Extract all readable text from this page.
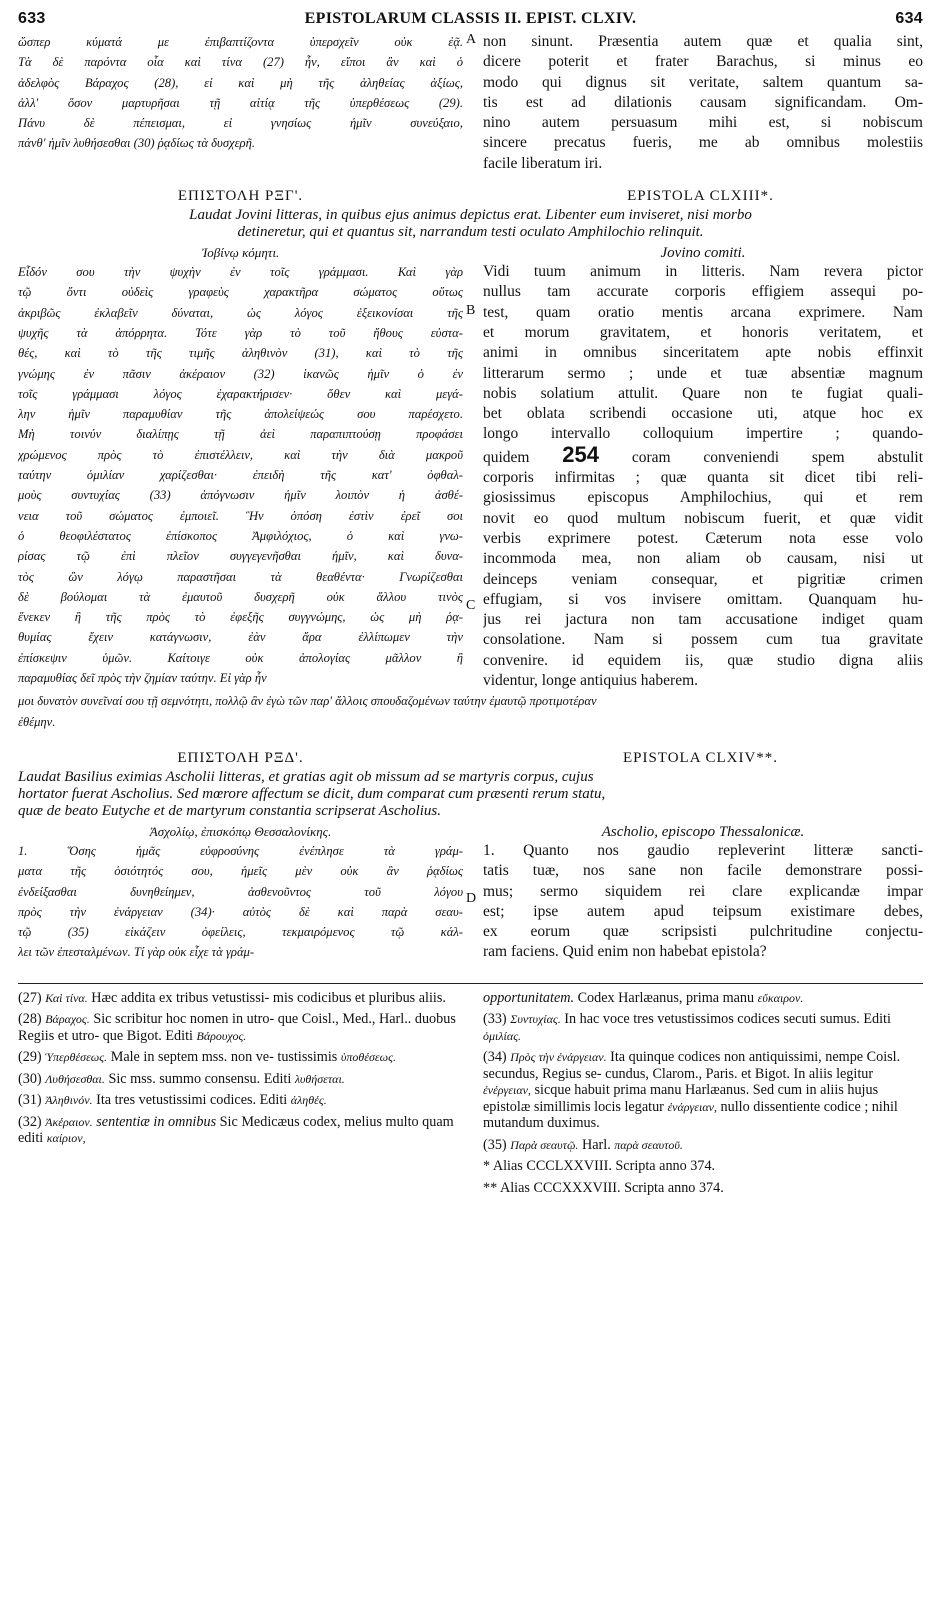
633	EPISTOLARUM CLASSIS II. EPIST. CLXIV.	634
ὥσπερ κύματά με ἐπιβαπτίζοντα ὑπερσχεῖν οὐκ ἐᾷ.
Τὰ δὲ παρόντα οἷα καὶ τίνα (27) ἦν, εἴποι ἂν καὶ ὁ
ἀδελφὸς Βάραχος (28), εἰ καὶ μὴ τῆς ἀληθείας ἀξίως,
ἀλλ' ὅσον μαρτυρῆσαι τῇ αἰτίᾳ τῆς ὑπερθέσεως (29).
Πάνυ δὲ πέπεισμαι, εἰ γνησίως ἡμῖν συνεύξαιο,
πάνθ' ἡμῖν λυθήσεσθαι (30) ῥᾳδίως τὰ δυσχερῆ.
A non sinunt. Præsentia autem quæ et qualia sint,
dicere poterit et frater Barachus, si minus eo
modo qui dignus sit veritate, saltem quantum sa-
tis est ad dilationis causam significandam. Om-
nino autem persuasum mihi est, si nobiscum
sincere precatus fueris, me ab omnibus molestiis
facile liberatum iri.
ΕΠΙΣΤΟΛΗ ΡΞΓ'.	EPISTOLA CLXIII*.
Laudat Jovini litteras, in quibus ejus animus depictus erat. Libenter eum inviseret, nisi morbo
detineretur, qui et quantus sit, narrandum testi oculato Amphilochio relinquit.
Ἰοβίνῳ κόμητι.	Jovino comiti.
Εἶδόν σου τὴν ψυχὴν ἐν τοῖς γράμμασι. Καὶ γὰρ
τῷ ὄντι οὐδεὶς γραφεὺς χαρακτῆρα σώματος οὕτως
ἀκριβῶς ἐκλαβεῖν δύναται, ὡς λόγος ἐξεικονίσαι τῆς
ψυχῆς τὰ ἀπόρρητα. Τότε γὰρ τὸ τοῦ ἤθους εὐστα-
θές, καὶ τὸ τῆς τιμῆς ἀληθινὸν (31), καὶ τὸ τῆς
γνώμης ἐν πᾶσιν ἀκέραιον (32) ἱκανῶς ἡμῖν ὁ ἐν
τοῖς γράμμασι λόγος ἐχαρακτήρισεν· ὅθεν καὶ μεγά-
λην ἡμῖν παραμυθίαν τῆς ἀπολείψεώς σου παρέσχετο.
Μὴ τοινύν διαλίπῃς τῇ ἀεὶ παραπιπτούσῃ προφάσει
χρώμενος πρὸς τὸ ἐπιστέλλειν, καὶ τὴν διὰ μακροῦ
ταύτην ὁμιλίαν χαρίζεσθαι· ἐπειδὴ τῆς κατ' ὀφθαλ-
μοὺς συντυχίας (33) ἀπόγνωσιν ἡμῖν λοιπὸν ἡ ἀσθέ-
νεια τοῦ σώματος ἐμποιεῖ. Ἣν ὁπόση ἐστὶν ἐρεῖ σοι
ὁ θεοφιλέστατος ἐπίσκοπος Ἀμφιλόχιος, ὁ καὶ γνω-
ρίσας τῷ ἐπὶ πλεῖον συγγεγενῆσθαι ἡμῖν, καὶ δυνα-
τὸς ὢν λόγῳ παραστῆσαι τὰ θεαθέντα· Γνωρίζεσθαι
δὲ βούλομαι τὰ ἐμαυτοῦ δυσχερῆ οὐκ ἄλλου τινὸς
ἕνεκεν ἢ τῆς πρὸς τὸ ἐφεξῆς συγγνώμης, ὡς μὴ ῥᾳ-
θυμίας ἔχειν κατάγνωσιν, ἐὰν ἄρα ἐλλίπωμεν τὴν
ἐπίσκεψιν ὑμῶν. Καίτοιγε οὐκ ἀπολογίας μᾶλλον ἢ
παραμυθίας δεῖ πρὸς τὴν ζημίαν ταύτην. Εἰ γὰρ ἦν
B
C
Vidi tuum animum in litteris. Nam revera pictor
nullus tam accurate corporis effigiem assequi po-
test, quam oratio mentis arcana exprimere. Nam
et morum gravitatem, et honoris veritatem, et
animi in omnibus sinceritatem apte nobis effinxit
litterarum sermo ; unde et tuæ absentiæ magnum
nobis solatium attulit. Quare non te fugiat quali-
bet oblata scribendi occasione uti, atque hoc ex
longo intervallo colloquium impertire ; quando-
quidem 254 coram conveniendi spem abstulit
corporis infirmitas ; quæ quanta sit dicet tibi reli-
giosissimus episcopus Amphilochius, qui et rem
novit eo quod multum nobiscum fuerit, et quæ vidit
verbis exprimere potest. Cæterum nota esse volo
incommoda mea, non aliam ob causam, nisi ut
deinceps veniam consequar, et pigritiæ crimen
effugiam, si vos invisere omittam. Quanquam hu-
jus rei jactura non tam accusatione indiget quam
consolatione. Nam si possem cum tua gravitate
convenire. id equidem iis, quæ studio digna aliis
videntur, longe antiquius haberem.
μοι δυνατὸν συνεῖναί σου τῇ σεμνότητι, πολλῷ ἂν ἐγὼ τῶν παρ' ἄλλοις σπουδαζομένων ταύτην ἐμαυτῷ προτιμοτέραν
ἐθέμην.
ΕΠΙΣΤΟΛΗ ΡΞΔ'.	EPISTOLA CLXIV**.
Laudat Basilius eximias Ascholii litteras, et gratias agit ob missum ad se martyris corpus, cujus
hortator fuerat Ascholius. Sed mœrore affectum se dicit, dum comparat cum præsenti rerum statu,
quæ de beato Eutyche et de martyrum constantia scripserat Ascholius.
Ἀσχολίῳ, ἐπισκόπῳ Θεσσαλονίκης.	Ascholio, episcopo Thessalonicæ.
1. Ὅσης ἡμᾶς εὐφροσύνης ἐνέπλησε τὰ γράμ-
ματα τῆς ὁσιότητός σου, ἡμεῖς μὲν οὐκ ἂν ῥᾳδίως
ἐνδείξασθαι δυνηθείημεν, ἀσθενοῦντος τοῦ λόγου
πρὸς τὴν ἐνάργειαν (34)· αὐτὸς δὲ καὶ παρὰ σεαυ-
τῷ (35) εἰκάζειν ὀφείλεις, τεκμαιρόμενος τῷ κάλ-
λει τῶν ἐπεσταλμένων. Τί γὰρ οὐκ εἶχε τὰ γράμ-
D
1. Quanto nos gaudio repleverint litteræ sancti-
tatis tuæ, nos sane non facile demonstrare possi-
mus; sermo siquidem rei clare explicandæ impar
est; ipse autem apud teipsum existimare debes,
ex eorum quæ scripsisti pulchritudine conjectu-
ram faciens. Quid enim non habebat epistola?
(27) Καὶ τίνα. Hæc addita ex tribus vetustissi- mis codicibus et pluribus aliis.
(28) Βάραχος. Sic scribitur hoc nomen in utro- que Coisl., Med., Harl.. duobus Regiis et utro- que Bigot. Editi Βάρουχος.
(29) Ὑπερθέσεως. Male in septem mss. non ve- tustissimis ὑποθέσεως.
(30) Λυθήσεσθαι. Sic mss. summo consensu. Editi λυθήσεται.
(31) Ἀληθινόν. Ita tres vetustissimi codices. Editi ἀληθές.
(32) Ἀκέραιον. sententiæ in omnibus Sic Medicæus codex, melius multo quam editi καίριον,
opportunitatem. Codex Harlæanus, prima manu εὔκαιρον.
(33) Συντυχίας. In hac voce tres vetustissimos codices secuti sumus. Editi ὁμιλίας.
(34) Πρὸς τὴν ἐνάργειαν. Ita quinque codices non antiquissimi, nempe Coisl. secundus, Regius se- cundus, Clarom., Paris. et Bigot. In aliis legitur ἐνέργειαν, sicque habuit prima manu Harlæanus. Sed cum in aliis hujus epistolæ simillimis locis legatur ἐνάργειαν, nullo dissentiente codice ; nihil mutandum duximus.
(35) Παρὰ σεαυτῷ. Harl. παρὰ σεαυτοῦ.
* Alias CCCLXXVIII. Scripta anno 374.
** Alias CCCXXXVIII. Scripta anno 374.
